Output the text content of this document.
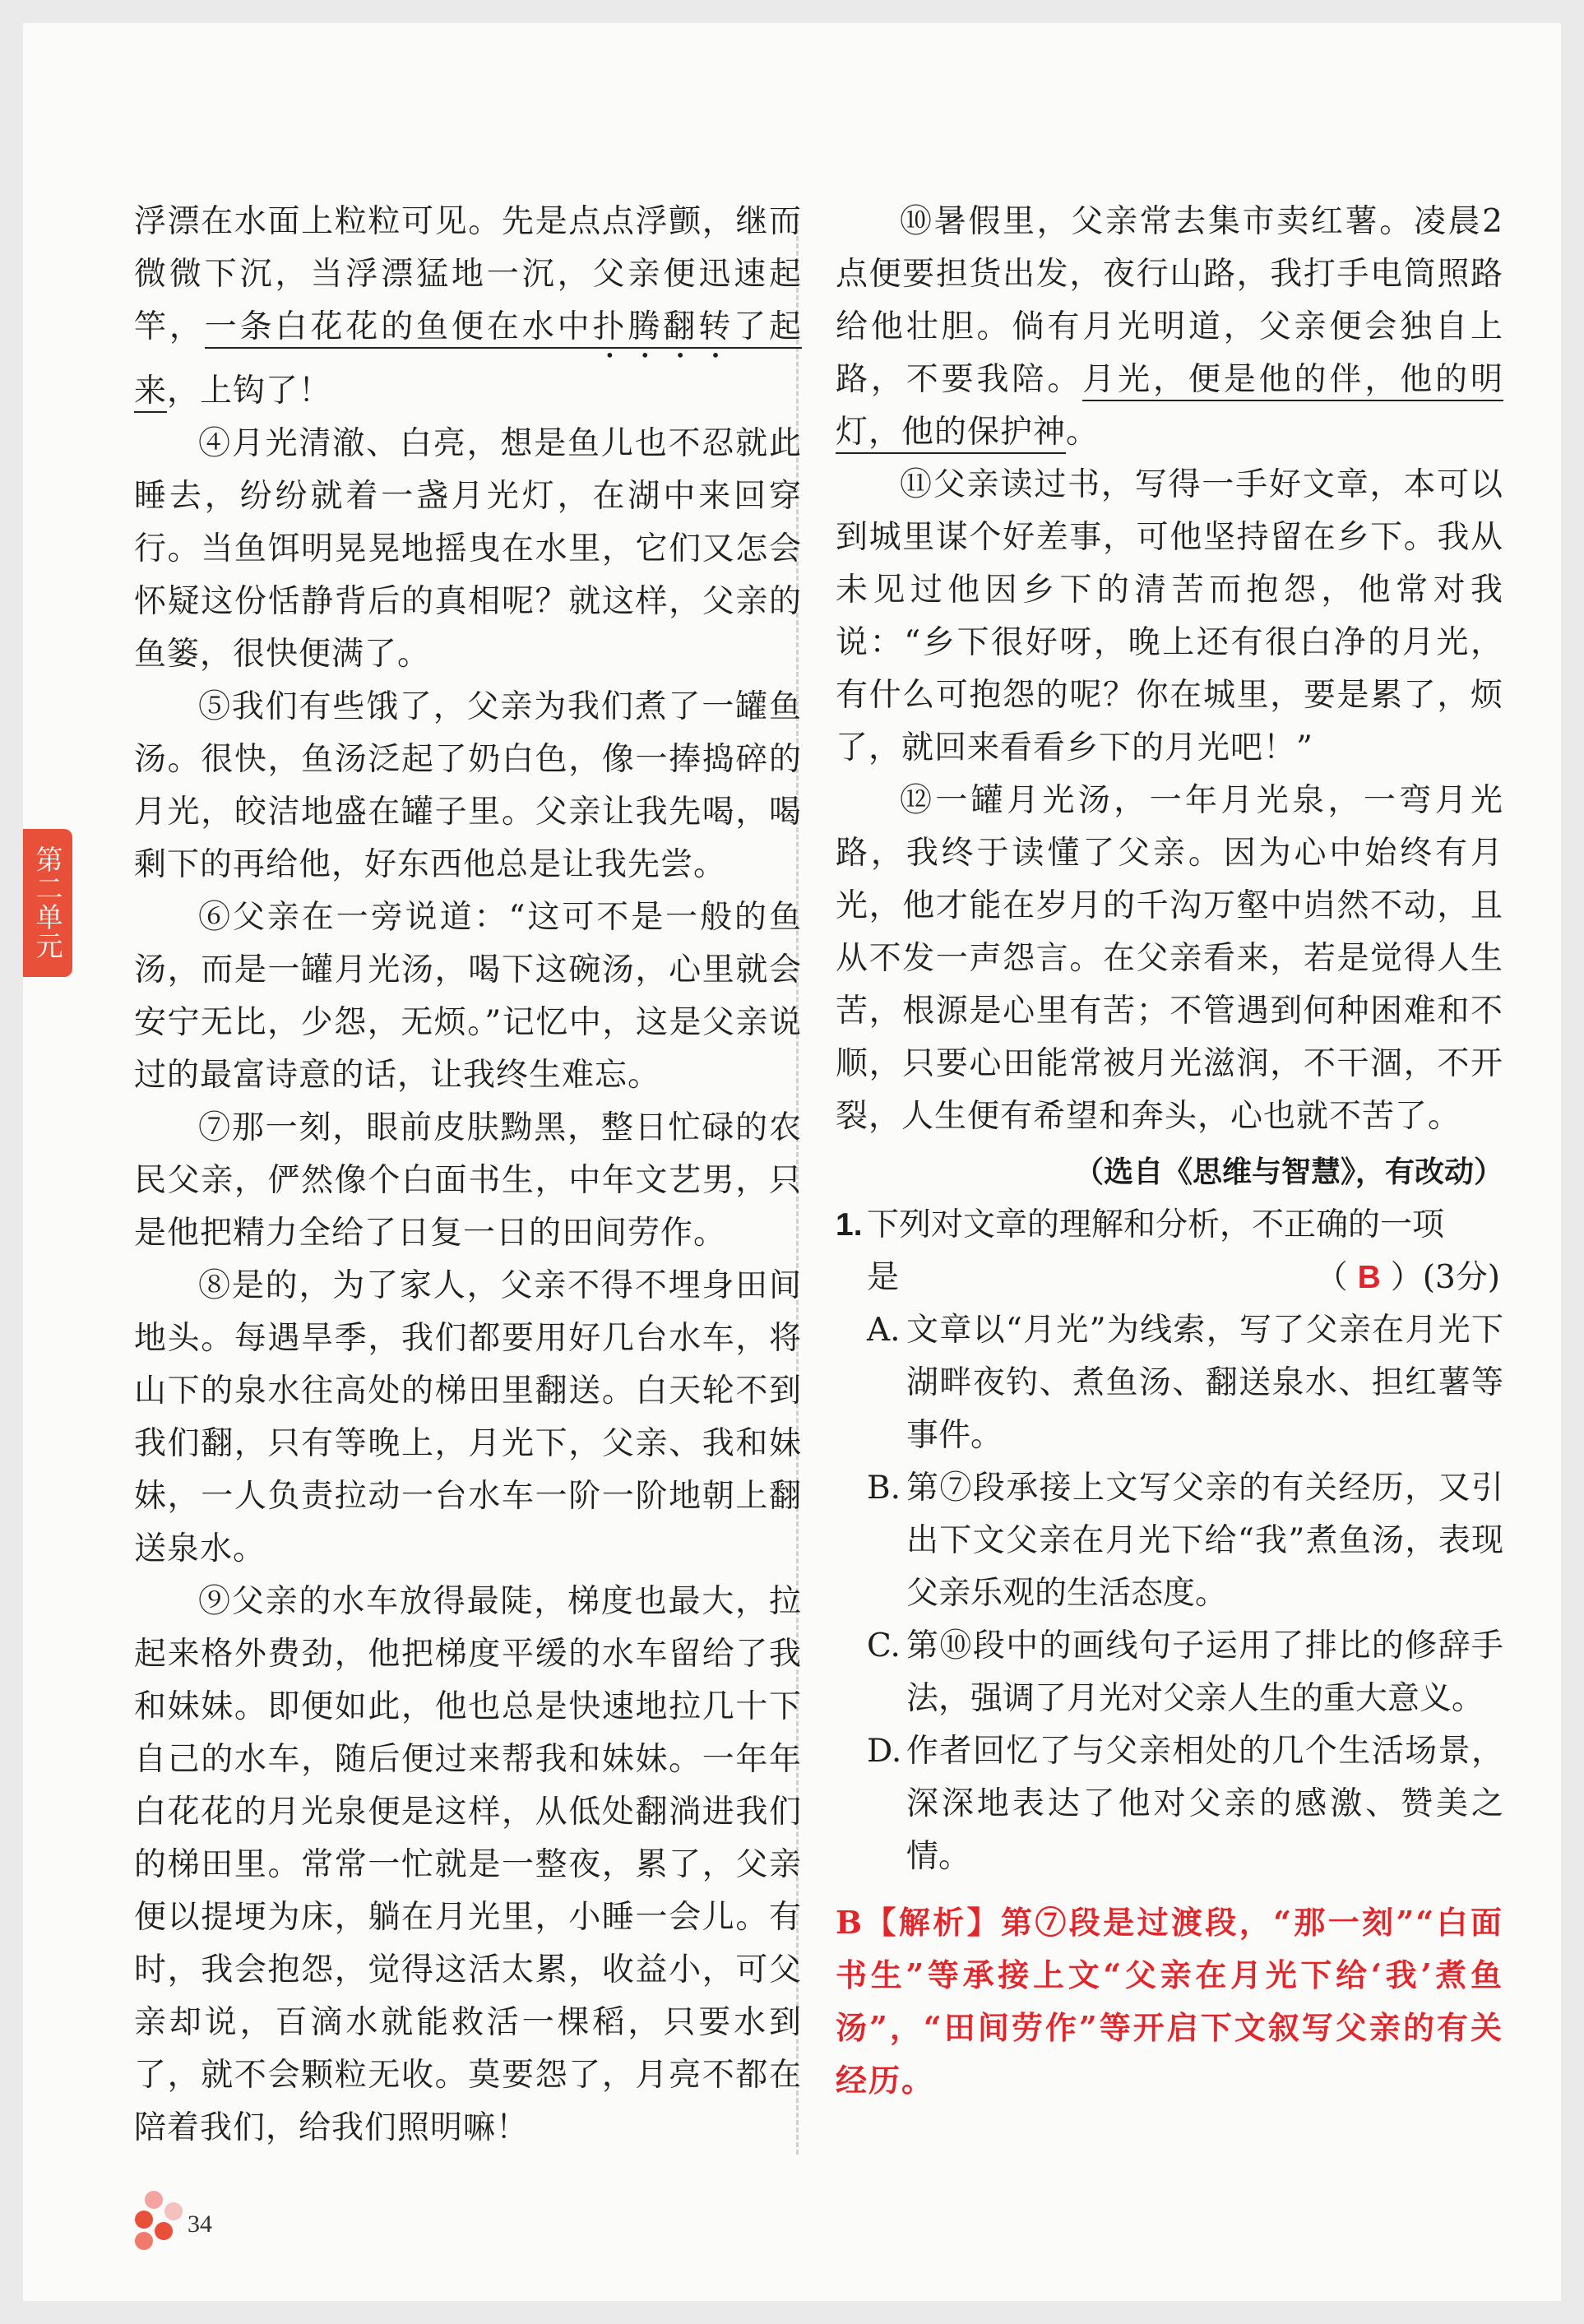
第二单元

浮漂在水面上粒粒可见。先是点点浮颤，继而微微下沉，当浮漂猛地一沉，父亲便迅速起竿，一条白花花的鱼便在水中扑腾翻转了起来，上钩了！

④月光清澈、白亮，想是鱼儿也不忍就此睡去，纷纷就着一盏月光灯，在湖中来回穿行。当鱼饵明晃晃地摇曳在水里，它们又怎会怀疑这份恬静背后的真相呢？就这样，父亲的鱼篓，很快便满了。

⑤我们有些饿了，父亲为我们煮了一罐鱼汤。很快，鱼汤泛起了奶白色，像一捧捣碎的月光，皎洁地盛在罐子里。父亲让我先喝，喝剩下的再给他，好东西他总是让我先尝。

⑥父亲在一旁说道：“这可不是一般的鱼汤，而是一罐月光汤，喝下这碗汤，心里就会安宁无比，少怨，无烦。”记忆中，这是父亲说过的最富诗意的话，让我终生难忘。

⑦那一刻，眼前皮肤黝黑，整日忙碌的农民父亲，俨然像个白面书生，中年文艺男，只是他把精力全给了日复一日的田间劳作。

⑧是的，为了家人，父亲不得不埋身田间地头。每遇旱季，我们都要用好几台水车，将山下的泉水往高处的梯田里翻送。白天轮不到我们翻，只有等晚上，月光下，父亲、我和妹妹，一人负责拉动一台水车一阶一阶地朝上翻送泉水。

⑨父亲的水车放得最陡，梯度也最大，拉起来格外费劲，他把梯度平缓的水车留给了我和妹妹。即便如此，他也总是快速地拉几十下自己的水车，随后便过来帮我和妹妹。一年年白花花的月光泉便是这样，从低处翻淌进我们的梯田里。常常一忙就是一整夜，累了，父亲便以提埂为床，躺在月光里，小睡一会儿。有时，我会抱怨，觉得这活太累，收益小，可父亲却说，百滴水就能救活一棵稻，只要水到了，就不会颗粒无收。莫要怨了，月亮不都在陪着我们，给我们照明嘛！

⑩暑假里，父亲常去集市卖红薯。凌晨2点便要担货出发，夜行山路，我打手电筒照路给他壮胆。倘有月光明道，父亲便会独自上路，不要我陪。月光，便是他的伴，他的明灯，他的保护神。

⑪父亲读过书，写得一手好文章，本可以到城里谋个好差事，可他坚持留在乡下。我从未见过他因乡下的清苦而抱怨，他常对我说：“乡下很好呀，晚上还有很白净的月光，有什么可抱怨的呢？你在城里，要是累了，烦了，就回来看看乡下的月光吧！”

⑫一罐月光汤，一年月光泉，一弯月光路，我终于读懂了父亲。因为心中始终有月光，他才能在岁月的千沟万壑中岿然不动，且从不发一声怨言。在父亲看来，若是觉得人生苦，根源是心里有苦；不管遇到何种困难和不顺，只要心田能常被月光滋润，不干涸，不开裂，人生便有希望和奔头，心也就不苦了。

（选自《思维与智慧》，有改动）

1. 下列对文章的理解和分析，不正确的一项
是	（ B ）(3分)
A. 文章以“月光”为线索，写了父亲在月光下湖畔夜钓、煮鱼汤、翻送泉水、担红薯等事件。
B. 第⑦段承接上文写父亲的有关经历，又引出下文父亲在月光下给“我”煮鱼汤，表现父亲乐观的生活态度。
C. 第⑩段中的画线句子运用了排比的修辞手法，强调了月光对父亲人生的重大意义。
D. 作者回忆了与父亲相处的几个生活场景，深深地表达了他对父亲的感激、赞美之情。

B【解析】第⑦段是过渡段，“那一刻”“白面书生”等承接上文“父亲在月光下给‘我’煮鱼汤”，“田间劳作”等开启下文叙写父亲的有关经历。

34
